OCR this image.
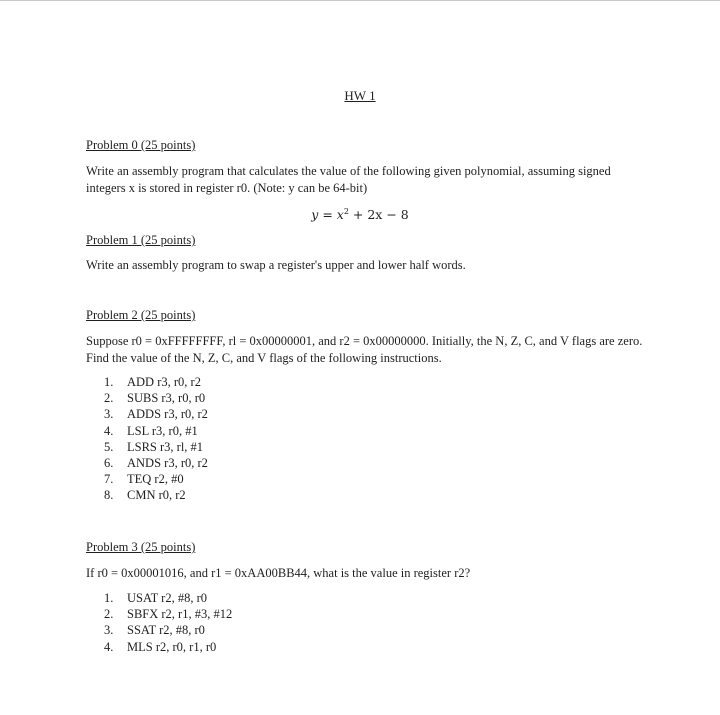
HW 1
Problem 0 (25 points)
Write an assembly program that calculates the value of the following given polynomial, assuming signed integers x is stored in register r0. (Note: y can be 64-bit)
$y = x^2 + 2x - 8$
Problem 1 (25 points)
Write an assembly program to swap a register's upper and lower half words.
Problem 2 (25 points)
Suppose r0 = 0xFFFFFFFF, rl = 0x00000001, and r2 = 0x00000000. Initially, the N, Z, C, and V flags are zero. Find the value of the N, Z, C, and V flags of the following instructions.
1.	ADD r3, r0, r2
2.	SUBS r3, r0, r0
3.	ADDS r3, r0, r2
4.	LSL r3, r0, #1
5.	LSRS r3, rl, #1
6.	ANDS r3, r0, r2
7.	TEQ r2, #0
8.	CMN r0, r2
Problem 3 (25 points)
If r0 = 0x00001016, and r1 = 0xAA00BB44, what is the value in register r2?
1.	USAT r2, #8, r0
2.	SBFX r2, r1, #3, #12
3.	SSAT r2, #8, r0
4.	MLS r2, r0, r1, r0
